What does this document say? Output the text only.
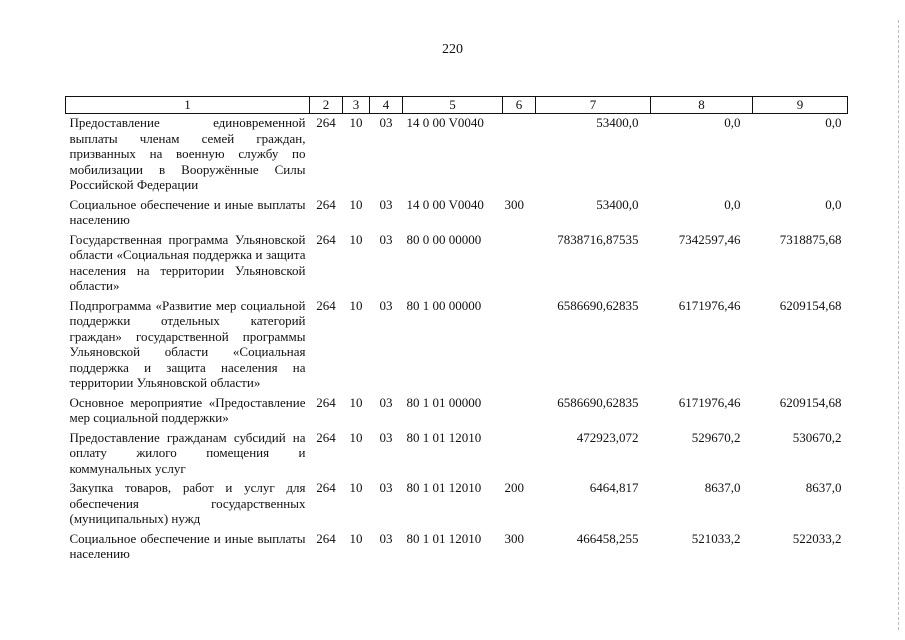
220
1	2	3	4	5	6	7	8	9
Предоставление единовременной выплаты членам семей граждан, призванных на военную службу по мобилизации в Вооружённые Силы Российской Федерации	264	10	03	14 0 00 V0040		53400,0	0,0	0,0
Социальное обеспечение и иные выплаты населению	264	10	03	14 0 00 V0040	300	53400,0	0,0	0,0
Государственная программа Ульяновской области «Социальная поддержка и защита населения на территории Ульяновской области»	264	10	03	80 0 00 00000		7838716,87535	7342597,46	7318875,68
Подпрограмма «Развитие мер социальной поддержки отдельных категорий граждан» государственной программы Ульяновской области «Социальная поддержка и защита населения на территории Ульяновской области»	264	10	03	80 1 00 00000		6586690,62835	6171976,46	6209154,68
Основное мероприятие «Предоставление мер социальной поддержки»	264	10	03	80 1 01 00000		6586690,62835	6171976,46	6209154,68
Предоставление гражданам субсидий на оплату жилого помещения и коммунальных услуг	264	10	03	80 1 01 12010		472923,072	529670,2	530670,2
Закупка товаров, работ и услуг для обеспечения государственных (муниципальных) нужд	264	10	03	80 1 01 12010	200	6464,817	8637,0	8637,0
Социальное обеспечение и иные выплаты населению	264	10	03	80 1 01 12010	300	466458,255	521033,2	522033,2
